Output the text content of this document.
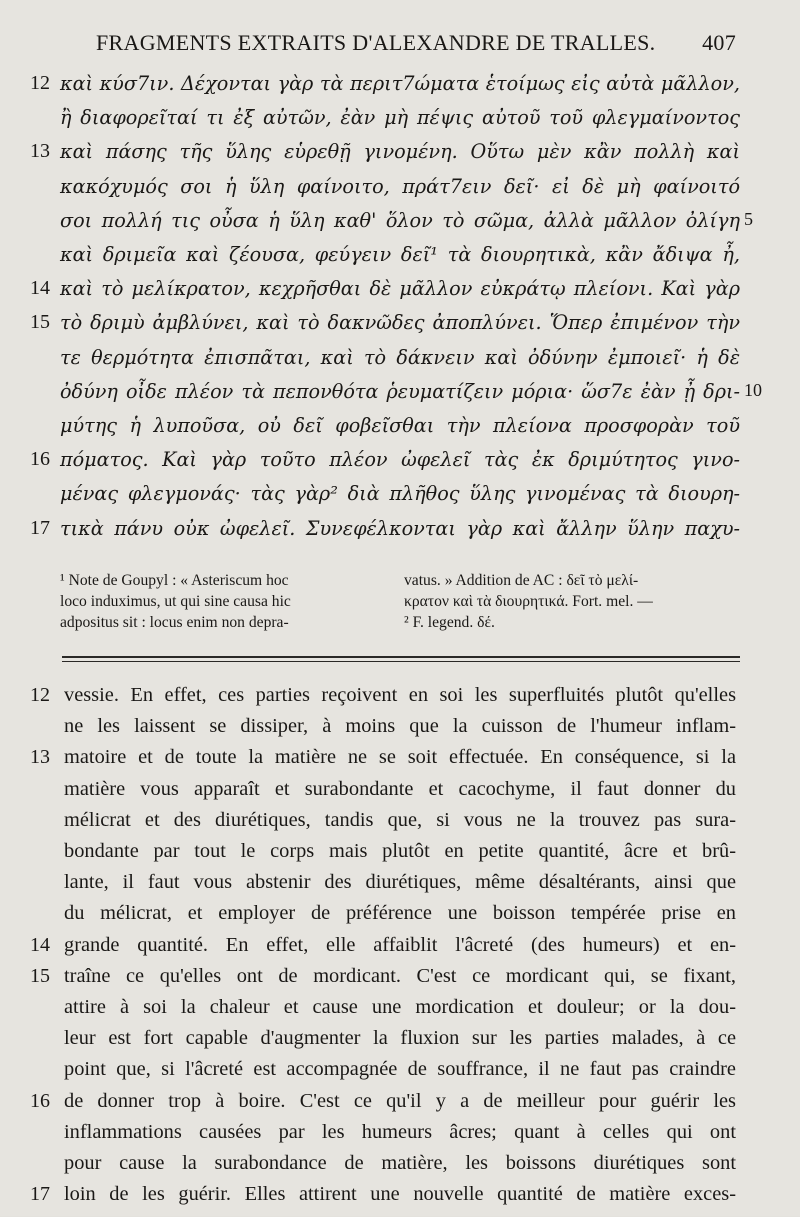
FRAGMENTS EXTRAITS D'ALEXANDRE DE TRALLES. 407
12 καὶ κύσ7ιν. Δέχονται γὰρ τὰ περιτ7ώματα ἑτοίμως εἰς αὐτὰ μᾶλλον,
ἢ διαφορεῖταί τι ἐξ αὐτῶν, ἐὰν μὴ πέψις αὐτοῦ τοῦ φλεγμαίνοντος
13 καὶ πάσης τῆς ὕλης εὑρεθῇ γινομένη. Οὕτω μὲν κἂν πολλὴ καὶ
κακόχυμός σοι ἡ ὕλη φαίνοιτο, πράτ7ειν δεῖ· εἰ δὲ μὴ φαίνοιτό
σοι πολλή τις οὖσα ἡ ὕλη καθ' ὅλον τὸ σῶμα, ἀλλὰ μᾶλλον ὀλίγη 5
καὶ δριμεῖα καὶ ζέουσα, φεύγειν δεῖ¹ τὰ διουρητικὰ, κἂν ἄδιψα ἦ,
14 καὶ τὸ μελίκρατον, κεχρῆσθαι δὲ μᾶλλον εὐκράτῳ πλείονι. Καὶ γὰρ
15 τὸ δριμὺ ἀμβλύνει, καὶ τὸ δακνῶδες ἀποπλύνει. Ὅπερ ἐπιμένον τὴν
τε θερμότητα ἐπισπᾶται, καὶ τὸ δάκνειν καὶ ὀδύνην ἐμποιεῖ· ἡ δὲ
ὀδύνη οἶδε πλέον τὰ πεπονθότα ῥευματίζειν μόρια· ὥσ7ε ἐὰν ᾖ δρι- 10
μύτης ἡ λυποῦσα, οὐ δεῖ φοβεῖσθαι τὴν πλείονα προσφορὰν τοῦ
16 πόματος. Καὶ γὰρ τοῦτο πλέον ὠφελεῖ τὰς ἐκ δριμύτητος γινο-
μένας φλεγμονάς· τὰς γὰρ² διὰ πλῆθος ὕλης γινομένας τὰ διουρη-
17 τικὰ πάνυ οὐκ ὠφελεῖ. Συνεφέλκονται γὰρ καὶ ἄλλην ὕλην παχυ-
¹ Note de Goupyl : « Asteriscum hoc
loco induximus, ut qui sine causa hic
adpositus sit : locus enim non depra-
vatus. » Addition de AC : δεῖ τὸ μελί-
κρατον καὶ τὰ διουρητικά. Fort. mel. —
² F. legend. δέ.
12 vessie. En effet, ces parties reçoivent en soi les superfluités plutôt qu'elles
ne les laissent se dissiper, à moins que la cuisson de l'humeur inflam-
13 matoire et de toute la matière ne se soit effectuée. En conséquence, si la
matière vous apparaît et surabondante et cacochyme, il faut donner du
mélicrat et des diurétiques, tandis que, si vous ne la trouvez pas sura-
bondante par tout le corps mais plutôt en petite quantité, âcre et brû-
lante, il faut vous abstenir des diurétiques, même désaltérants, ainsi que
du mélicrat, et employer de préférence une boisson tempérée prise en
14 grande quantité. En effet, elle affaiblit l'âcreté (des humeurs) et en-
15 traîne ce qu'elles ont de mordicant. C'est ce mordicant qui, se fixant,
attire à soi la chaleur et cause une mordication et douleur; or la dou-
leur est fort capable d'augmenter la fluxion sur les parties malades, à ce
point que, si l'âcreté est accompagnée de souffrance, il ne faut pas craindre
16 de donner trop à boire. C'est ce qu'il y a de meilleur pour guérir les
inflammations causées par les humeurs âcres; quant à celles qui ont
pour cause la surabondance de matière, les boissons diurétiques sont
17 loin de les guérir. Elles attirent une nouvelle quantité de matière exces-
